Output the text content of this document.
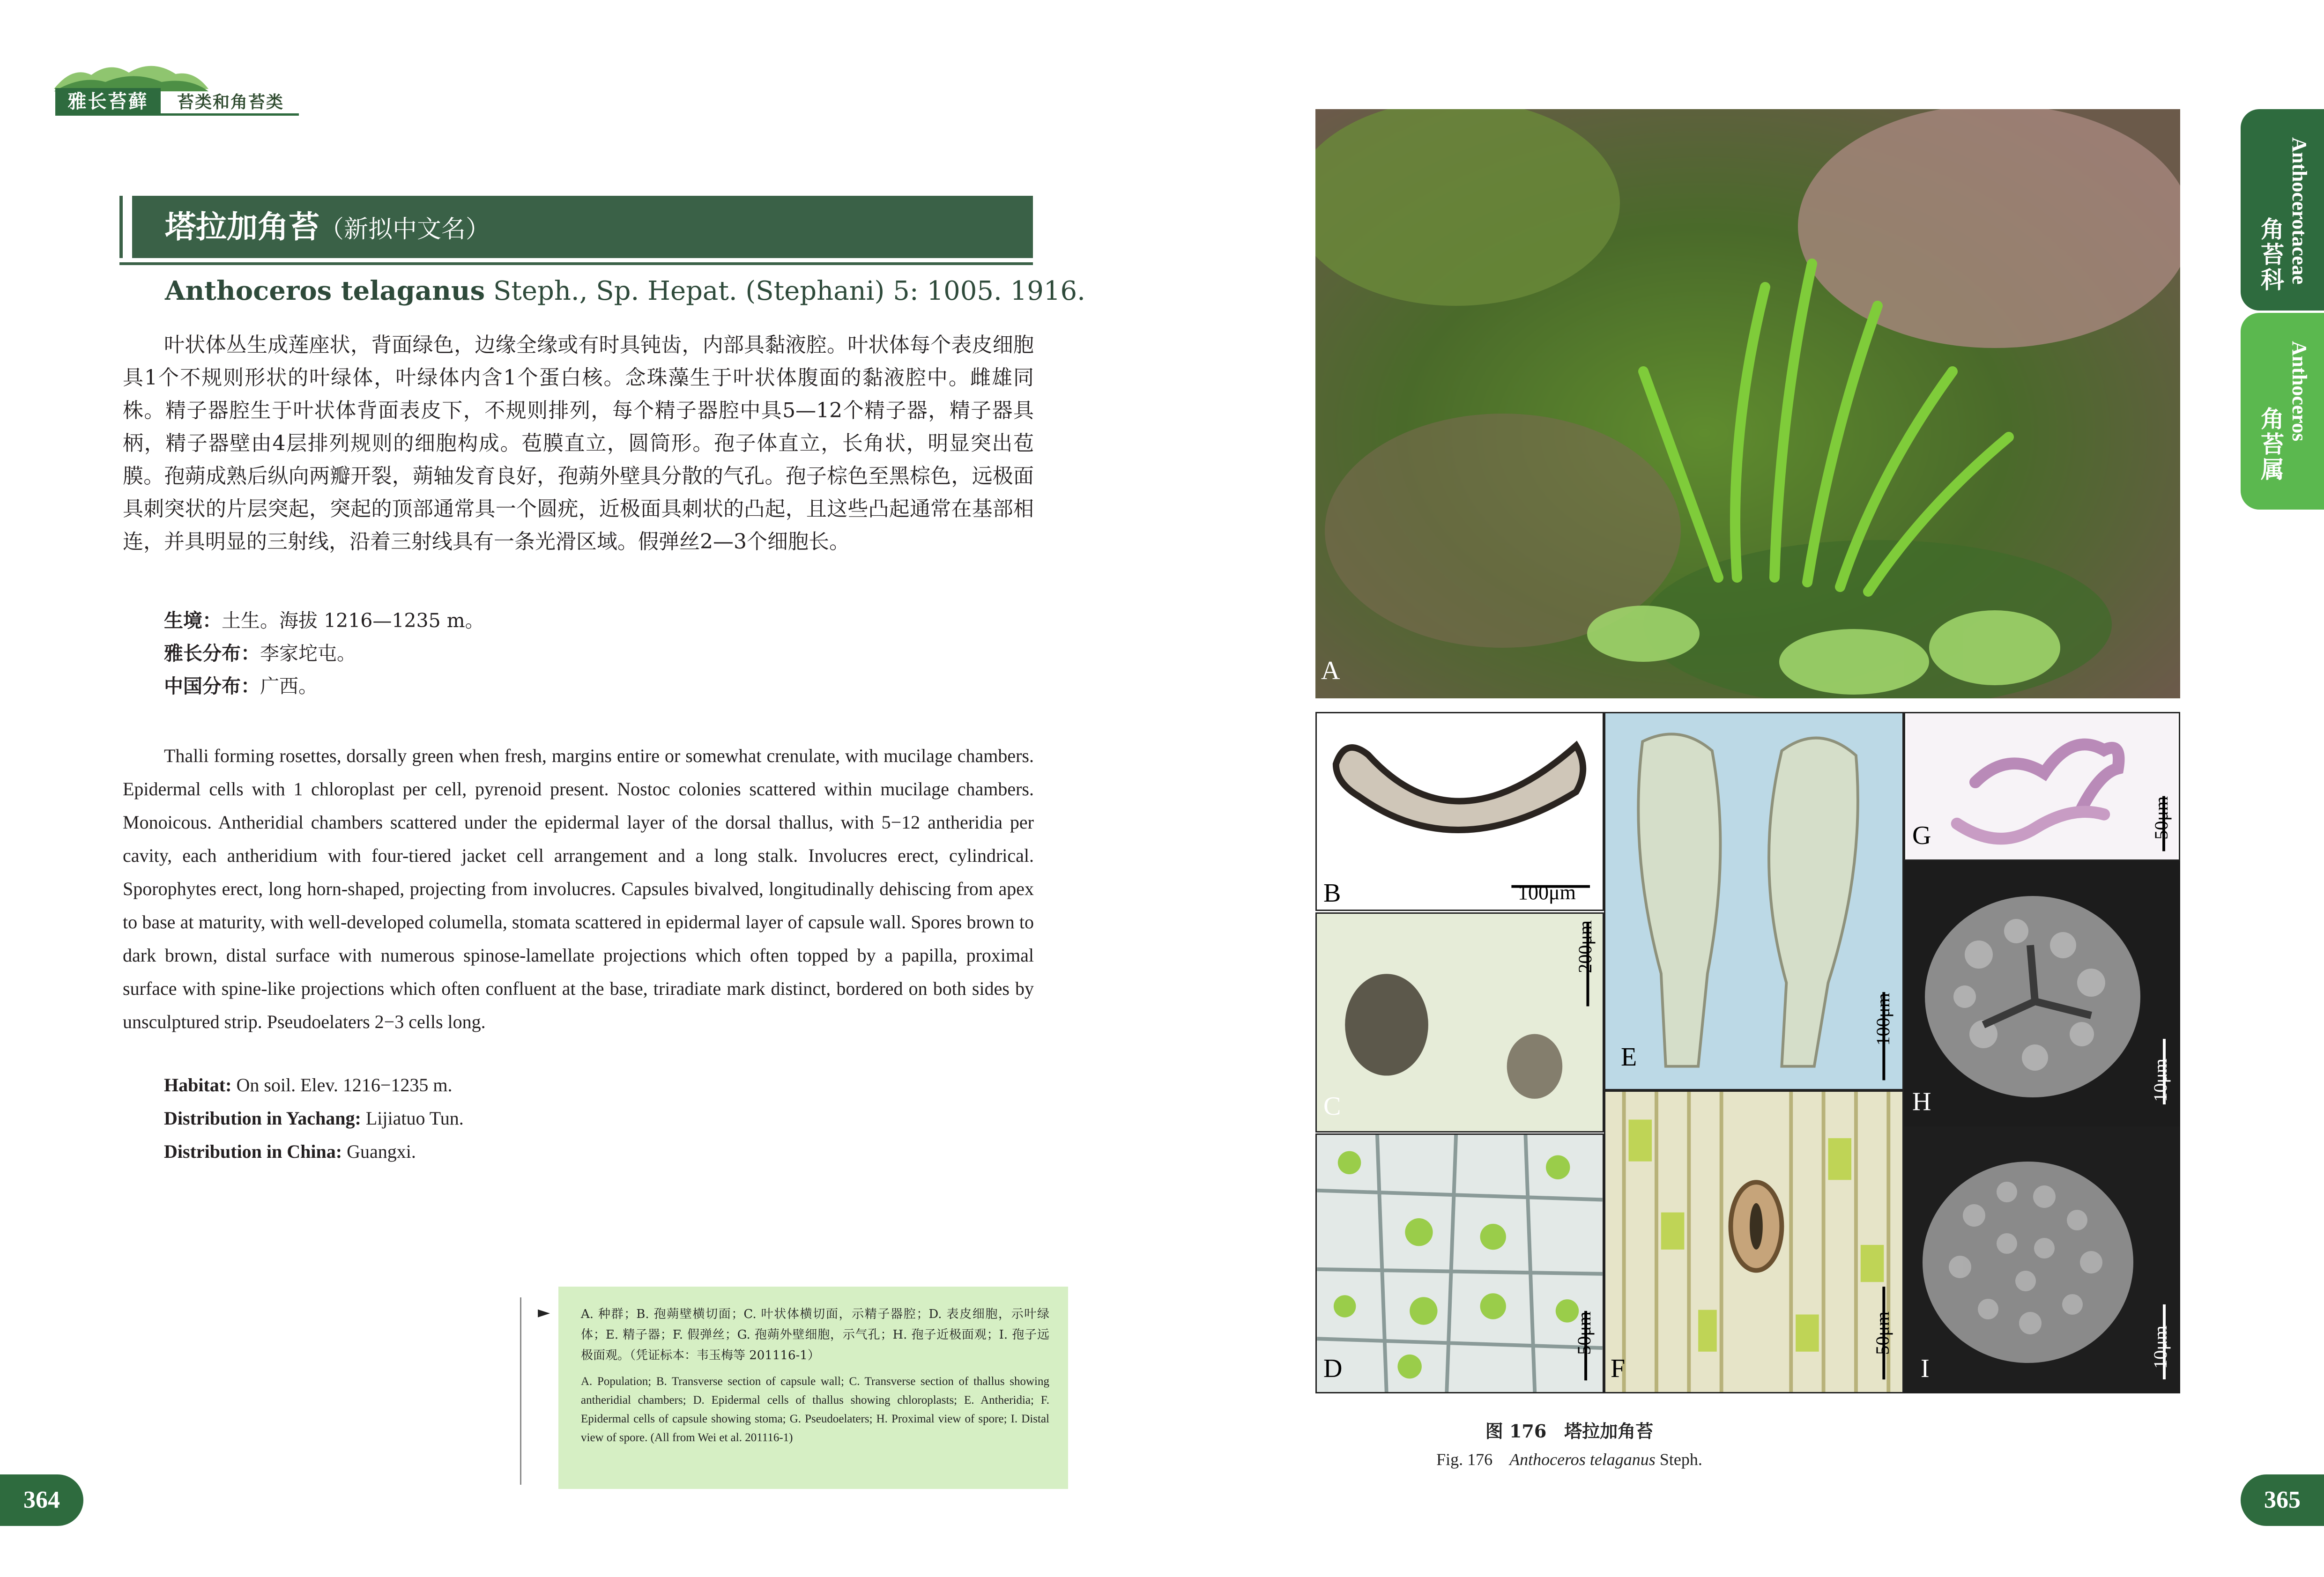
雅长苔藓	苔类和角苔类
塔拉加角苔（新拟中文名）
Anthoceros telaganus Steph., Sp. Hepat. (Stephani) 5: 1005. 1916.
叶状体丛生成莲座状，背面绿色，边缘全缘或有时具钝齿，内部具黏液腔。叶状体每个表皮细胞具1个不规则形状的叶绿体，叶绿体内含1个蛋白核。念珠藻生于叶状体腹面的黏液腔中。雌雄同株。精子器腔生于叶状体背面表皮下，不规则排列，每个精子器腔中具5—12个精子器，精子器具柄，精子器壁由4层排列规则的细胞构成。苞膜直立，圆筒形。孢子体直立，长角状，明显突出苞膜。孢蒴成熟后纵向两瓣开裂，蒴轴发育良好，孢蒴外壁具分散的气孔。孢子棕色至黑棕色，远极面具刺突状的片层突起，突起的顶部通常具一个圆疣，近极面具刺状的凸起，且这些凸起通常在基部相连，并具明显的三射线，沿着三射线具有一条光滑区域。假弹丝2—3个细胞长。
生境：土生。海拔 1216—1235 m。
雅长分布：李家坨屯。
中国分布：广西。
Thalli forming rosettes, dorsally green when fresh, margins entire or somewhat crenulate, with mucilage chambers. Epidermal cells with 1 chloroplast per cell, pyrenoid present. Nostoc colonies scattered within mucilage chambers. Monoicous. Antheridial chambers scattered under the epidermal layer of the dorsal thallus, with 5−12 antheridia per cavity, each antheridium with four-tiered jacket cell arrangement and a long stalk. Involucres erect, cylindrical. Sporophytes erect, long horn-shaped, projecting from involucres. Capsules bivalved, longitudinally dehiscing from apex to base at maturity, with well-developed columella, stomata scattered in epidermal layer of capsule wall. Spores brown to dark brown, distal surface with numerous spinose-lamellate projections which often topped by a papilla, proximal surface with spine-like projections which often confluent at the base, triradiate mark distinct, bordered on both sides by unsculptured strip. Pseudoelaters 2−3 cells long.
Habitat: On soil. Elev. 1216−1235 m.
Distribution in Yachang: Lijiatuo Tun.
Distribution in China: Guangxi.
►	A. 种群；B. 孢蒴壁横切面；C. 叶状体横切面，示精子器腔；D. 表皮细胞，示叶绿体；E. 精子器；F. 假弹丝；G. 孢蒴外壁细胞，示气孔；H. 孢子近极面观；I. 孢子远极面观。（凭证标本：韦玉梅等 201116-1）
A. Population; B. Transverse section of capsule wall; C. Transverse section of thallus showing antheridial chambers; D. Epidermal cells of thallus showing chloroplasts; E. Antheridia; F. Epidermal cells of capsule showing stoma; G. Pseudoelaters; H. Proximal view of spore; I. Distal view of spore. (All from Wei et al. 201116-1)
364	365
Anthocerotaceae
角苔科
Anthoceros
角苔属
A
B	100μm
C
200μm
D
50μm
E
100μm
F
50μm
G	50μm
H	10μm
I	10μm
图 176　塔拉加角苔
Fig. 176　Anthoceros telaganus Steph.
